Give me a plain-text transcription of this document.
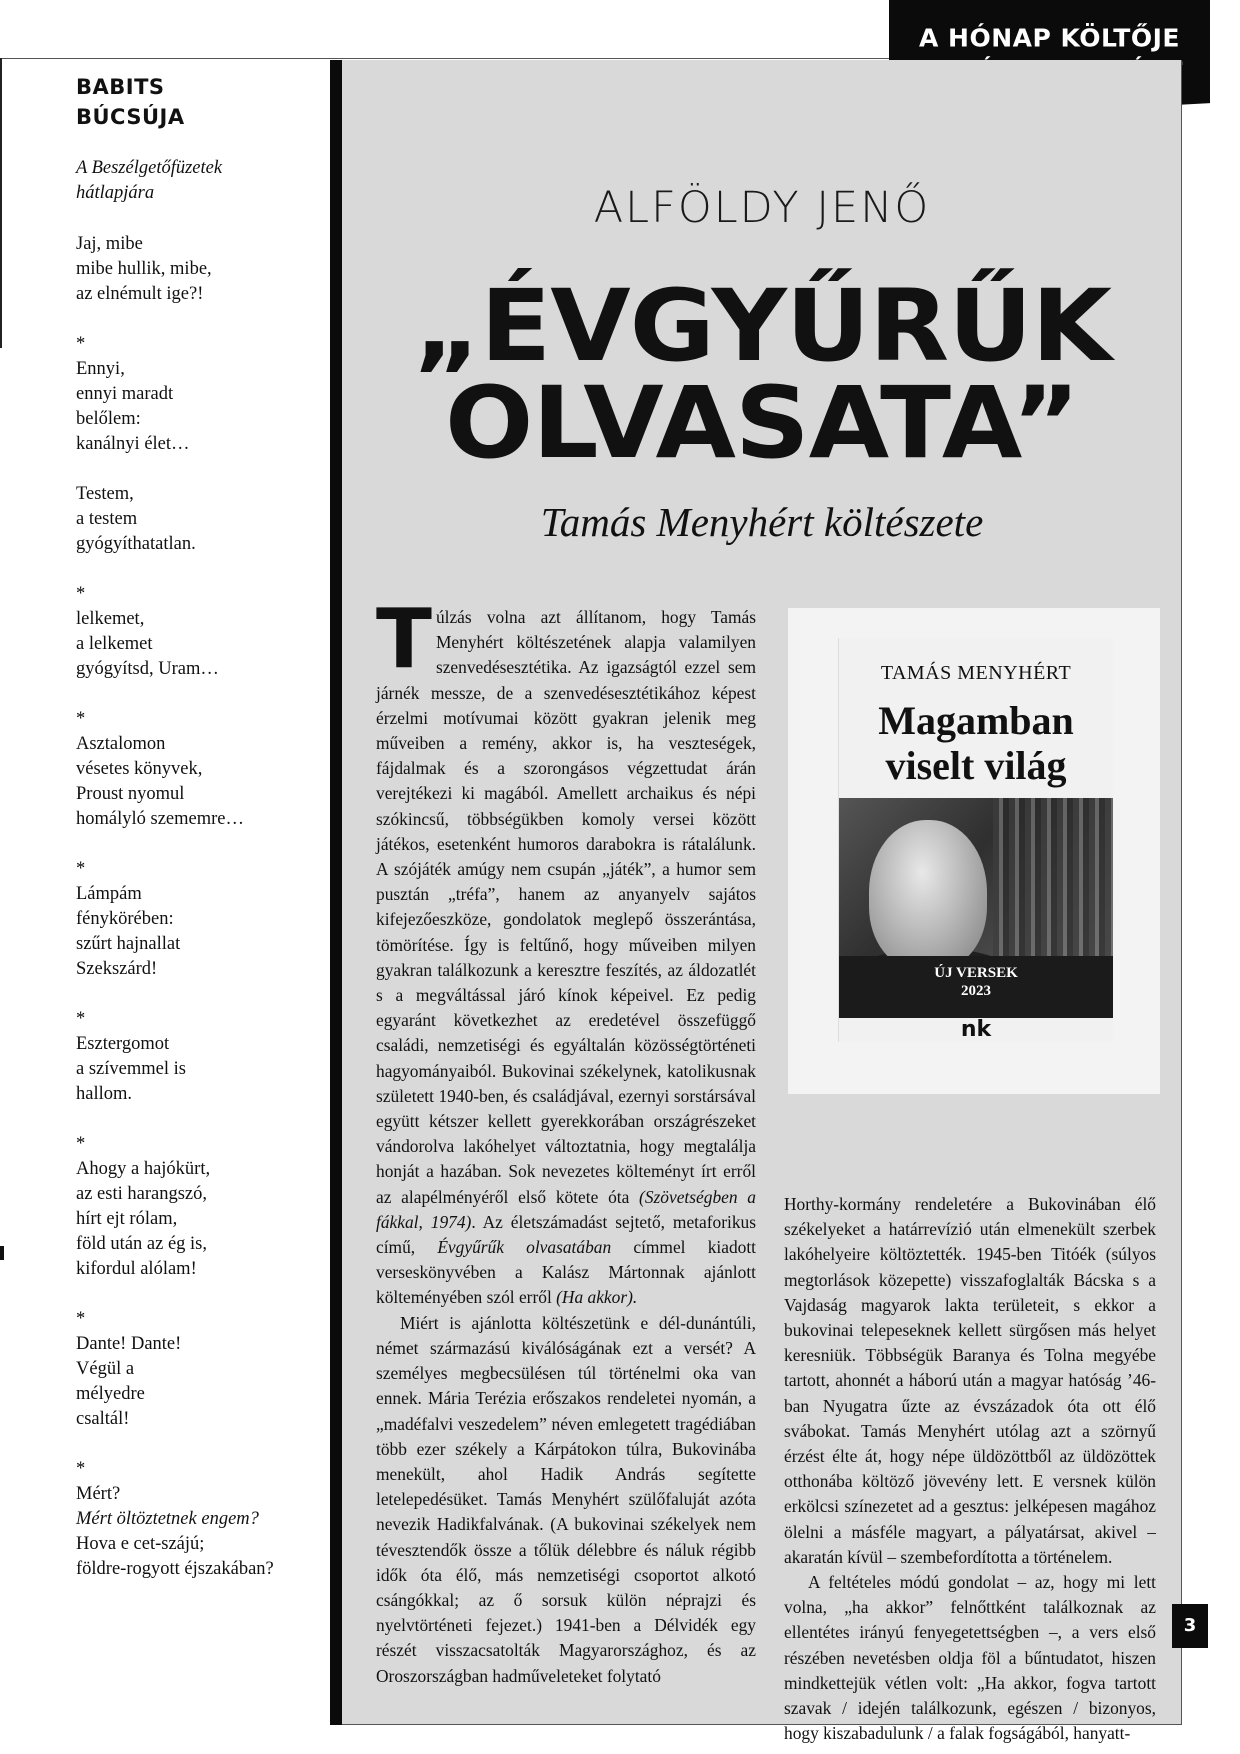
A HÓNAP KÖLTŐJE
BABITS
BÚCSÚJA
A Beszélgetőfüzetek
hátlapjára
Jaj, mibe
mibe hullik, mibe,
az elnémult ige?!
*
Ennyi,
ennyi maradt
belőlem:
kanálnyi élet…
Testem,
a testem
gyógyíthatatlan.
*
lelkemet,
a lelkemet
gyógyítsd, Uram…
*
Asztalomon
vésetes könyvek,
Proust nyomul
homályló szememre…
*
Lámpám
fénykörében:
szűrt hajnallat
Szekszárd!
*
Esztergomot
a szívemmel is
hallom.
*
Ahogy a hajókürt,
az esti harangszó,
hírt ejt rólam,
föld után az ég is,
kifordul alólam!
*
Dante! Dante!
Végül a
mélyedre
csaltál!
*
Mért?
Mért öltöztetnek engem?
Hova e cet-szájú;
földre-rogyott éjszakában?
ALFÖLDY JENŐ
„ÉVGYŰRŰK
OLVASATA”
Tamás Menyhért költészete

Túlzás volna azt állítanom, hogy Tamás Menyhért költészetének alapja valamilyen szenvedésesztétika. Az igazságtól ezzel sem járnék messze, de a szenvedésesztétikához képest érzelmi motívumai között gyakran jelenik meg műveiben a remény, akkor is, ha veszteségek, fájdalmak és a szorongásos végzettudat árán verejtékezi ki magából. Amellett archaikus és népi szókincsű, többségükben komoly versei között játékos, esetenként humoros darabokra is rátalálunk. A szójáték amúgy nem csupán „játék”, a humor sem pusztán „tréfa”, hanem az anyanyelv sajátos kifejezőeszköze, gondolatok meglepő összerántása, tömörítése. Így is feltűnő, hogy műveiben milyen gyakran találkozunk a keresztre feszítés, az áldozatlét s a megváltással járó kínok képeivel. Ez pedig egyaránt következhet az eredetével összefüggő családi, nemzetiségi és egyáltalán közösségtörténeti hagyományaiból. Bukovinai székelynek, katolikusnak született 1940-ben, és családjával, ezernyi sorstársával együtt kétszer kellett gyerekkorában országrészeket vándorolva lakóhelyet változtatnia, hogy megtalálja honját a hazában. Sok nevezetes költeményt írt erről az alapélményéről első kötete óta (Szövetségben a fákkal, 1974). Az életszámadást sejtető, metaforikus című, Évgyűrűk olvasatában címmel kiadott verseskönyvében a Kalász Mártonnak ajánlott költeményében szól erről (Ha akkor).

Miért is ajánlotta költészetünk e dél-dunántúli, német származású kiválóságának ezt a versét? A személyes megbecsülésen túl történelmi oka van ennek. Mária Terézia erőszakos rendeletei nyomán, a „madéfalvi veszedelem” néven emlegetett tragédiában több ezer székely a Kárpátokon túlra, Bukovinába menekült, ahol Hadik András segítette letelepedésüket. Tamás Menyhért szülőfaluját azóta nevezik Hadikfalvának. (A bukovinai székelyek nem tévesztendők össze a tőlük délebbre és náluk régibb idők óta élő, más nemzetiségi csoportot alkotó csángókkal; az ő sorsuk külön néprajzi és nyelvtörténeti fejezet.) 1941-ben a Délvidék egy részét visszacsatolták Magyarországhoz, és az Oroszországban hadműveleteket folytató

TAMÁS MENYHÉRT
Magamban
viselt világ
ÚJ VERSEK
2023
nk

Horthy-kormány rendeletére a Bukovinában élő székelyeket a határrevízió után elmenekült szerbek lakóhelyeire költöztették. 1945-ben Titóék (súlyos megtorlások közepette) visszafoglalták Bácska s a Vajdaság magyarok lakta területeit, s ekkor a bukovinai telepeseknek kellett sürgősen más helyet keresniük. Többségük Baranya és Tolna megyébe tartott, ahonnét a háború után a magyar hatóság ’46-ban Nyugatra űzte az évszázadok óta ott élő svábokat. Tamás Menyhért utólag azt a szörnyű érzést élte át, hogy népe üldözöttből az üldözöttek otthonába költöző jövevény lett. E versnek külön erkölcsi színezetet ad a gesztus: jelképesen magához ölelni a másféle magyart, a pályatársat, akivel – akaratán kívül – szembefordította a történelem.

A feltételes módú gondolat – az, hogy mi lett volna, „ha akkor” felnőttként találkoznak az ellentétes irányú fenyegetettségben –, a vers első részében nevetésben oldja föl a bűntudatot, hiszen mindkettejük vétlen volt: „Ha akkor, fogva tartott szavak / idején találkozunk, egészen / bizonyos, hogy kiszabadulunk / a falak fogságából, hanyatt-

3
